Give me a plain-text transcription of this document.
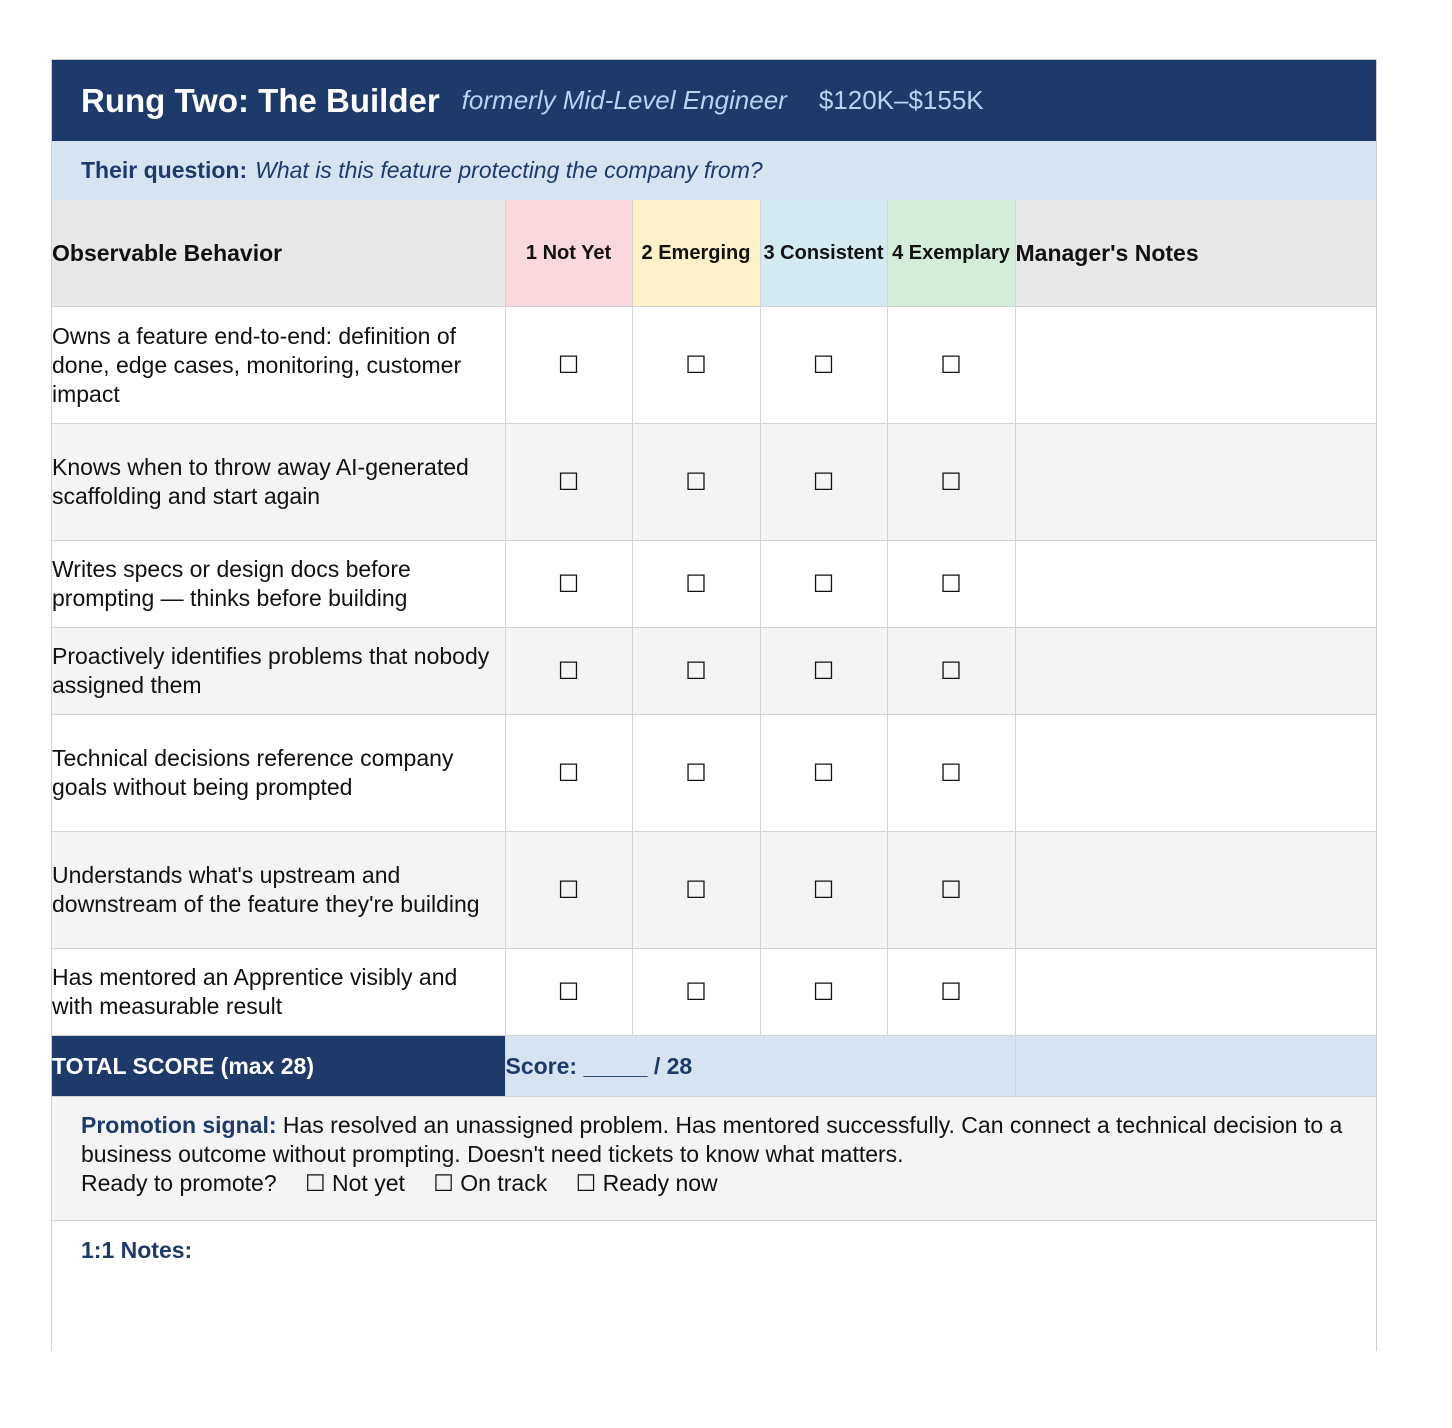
Rung Two: The Builder formerly Mid-Level Engineer $120K–$155K
Their question: What is this feature protecting the company from?
Observable Behavior	1 Not Yet	2 Emerging	3 Consistent	4 Exemplary	Manager's Notes
Owns a feature end-to-end: definition of done, edge cases, monitoring, customer impact	☐	☐	☐	☐	
Knows when to throw away AI-generated scaffolding and start again	☐	☐	☐	☐	
Writes specs or design docs before prompting — thinks before building	☐	☐	☐	☐	
Proactively identifies problems that nobody assigned them	☐	☐	☐	☐	
Technical decisions reference company goals without being prompted	☐	☐	☐	☐	
Understands what's upstream and downstream of the feature they're building	☐	☐	☐	☐	
Has mentored an Apprentice visibly and with measurable result	☐	☐	☐	☐	
TOTAL SCORE (max 28)	Score: _____ / 28				
Promotion signal: Has resolved an unassigned problem. Has mentored successfully. Can connect a technical decision to a business outcome without prompting. Doesn't need tickets to know what matters.
Ready to promote? ☐ Not yet ☐ On track ☐ Ready now
1:1 Notes:
